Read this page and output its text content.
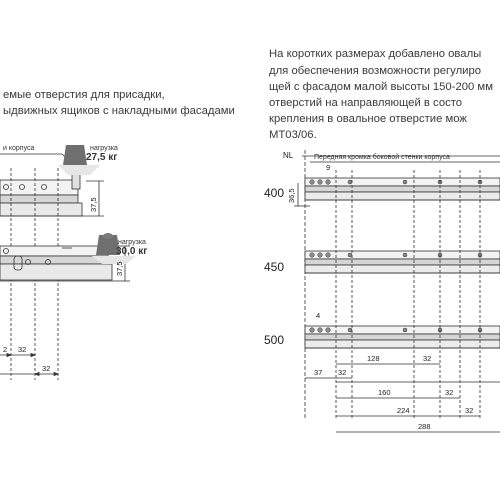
емые отверстия для присадки,
ыдвижных ящиков с накладными фасадами
На коротких размерах добавлено овалы
для обеспечения возможности регулиро
щей с фасадом малой высоты 150-200 мм
отверстий на направляющей в состо
крепления в овальное отверстие мож
МТ03/06.
400
450
500
и корпуса	нагрузка
27,5 кг
нагрузка
30,0 кг
37,5
37,5
2 32
32
NL	Передняя кромка боковой стенки корпуса
9
36,5
4
37 32
128	32
160	32
224	32
288
